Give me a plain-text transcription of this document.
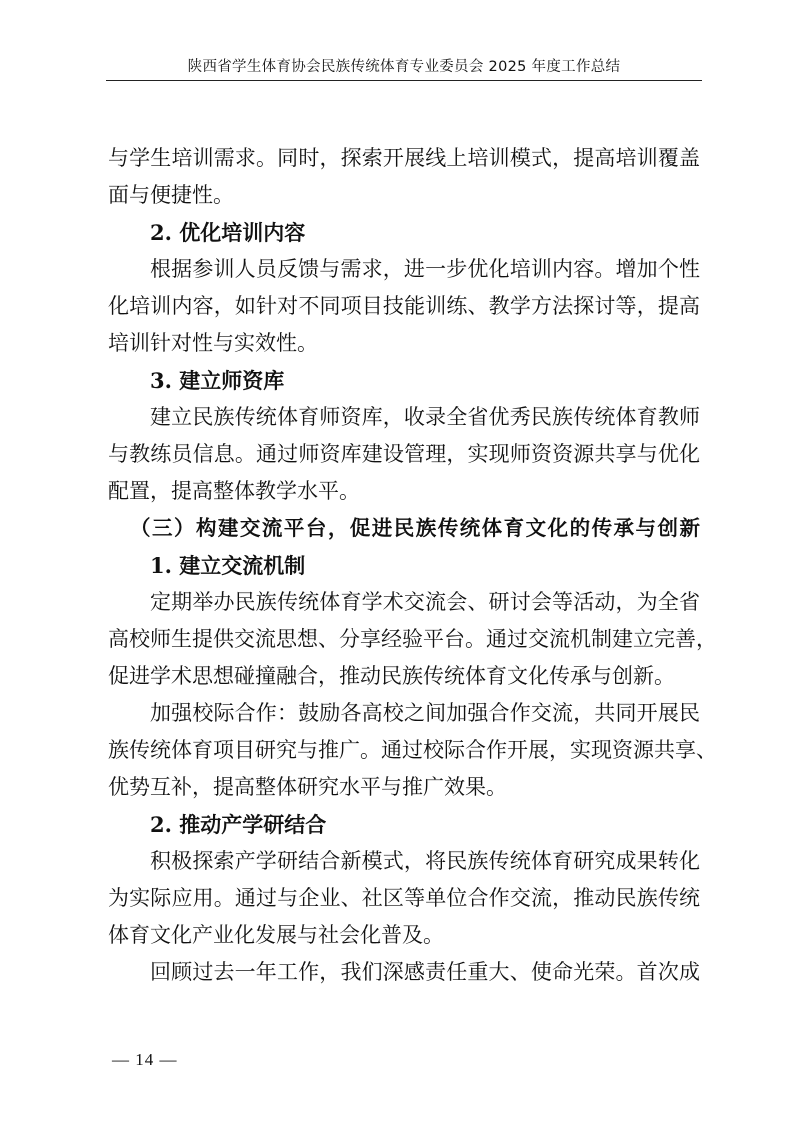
陕西省学生体育协会民族传统体育专业委员会 2025 年度工作总结
与学生培训需求。同时，探索开展线上培训模式，提高培训覆盖
面与便捷性。
2. 优化培训内容
根据参训人员反馈与需求，进一步优化培训内容。增加个性
化培训内容，如针对不同项目技能训练、教学方法探讨等，提高
培训针对性与实效性。
3. 建立师资库
建立民族传统体育师资库，收录全省优秀民族传统体育教师
与教练员信息。通过师资库建设管理，实现师资资源共享与优化
配置，提高整体教学水平。
（三）构建交流平台，促进民族传统体育文化的传承与创新
1. 建立交流机制
定期举办民族传统体育学术交流会、研讨会等活动，为全省
高校师生提供交流思想、分享经验平台。通过交流机制建立完善，
促进学术思想碰撞融合，推动民族传统体育文化传承与创新。
加强校际合作：鼓励各高校之间加强合作交流，共同开展民
族传统体育项目研究与推广。通过校际合作开展，实现资源共享、
优势互补，提高整体研究水平与推广效果。
2. 推动产学研结合
积极探索产学研结合新模式，将民族传统体育研究成果转化
为实际应用。通过与企业、社区等单位合作交流，推动民族传统
体育文化产业化发展与社会化普及。
回顾过去一年工作，我们深感责任重大、使命光荣。首次成
— 14 —
